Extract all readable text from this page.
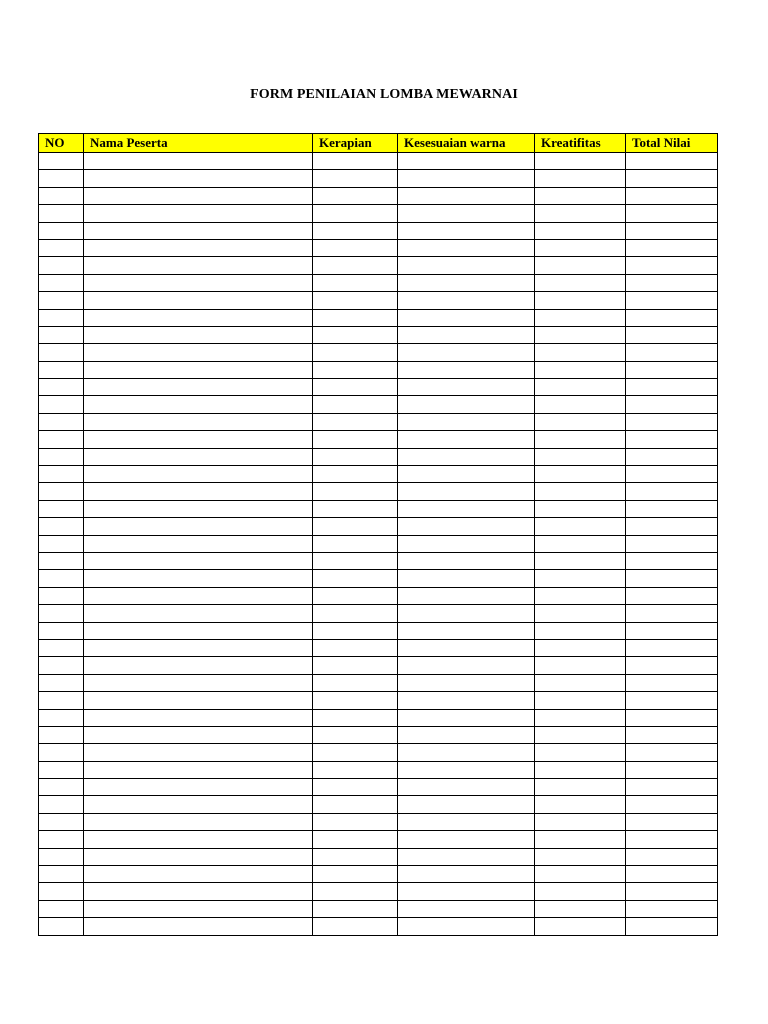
FORM PENILAIAN LOMBA MEWARNAI
NO	Nama Peserta	Kerapian	Kesesuaian warna	Kreatifitas	Total Nilai
